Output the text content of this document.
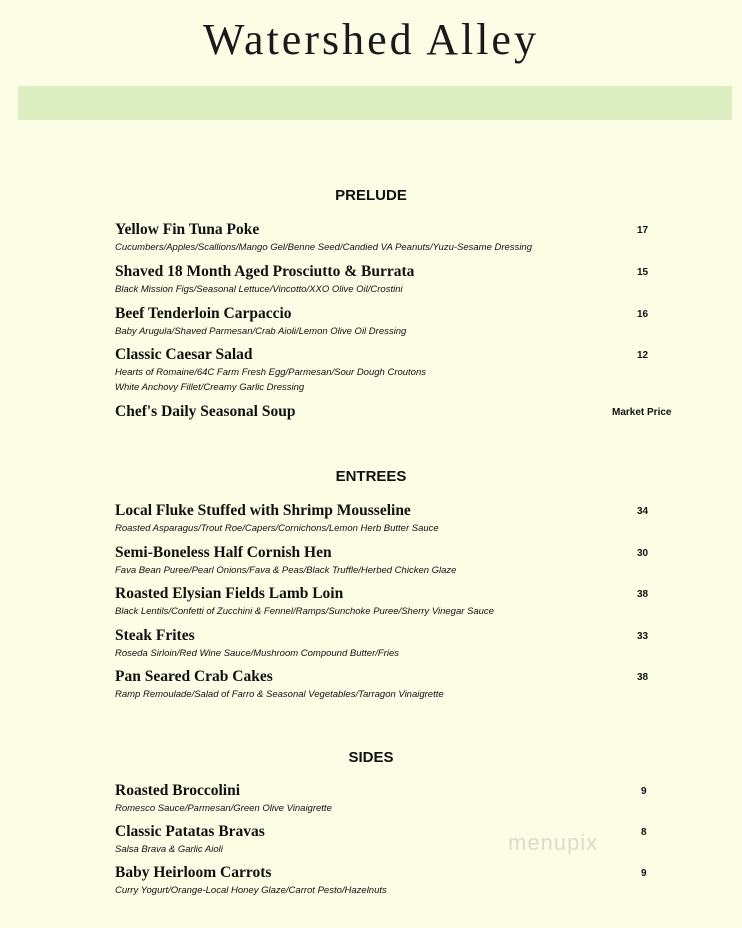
Watershed Alley
PRELUDE
Yellow Fin Tuna Poke
Cucumbers/Apples/Scallions/Mango Gel/Benne Seed/Candied VA Peanuts/Yuzu-Sesame Dressing
17
Shaved 18 Month Aged Prosciutto & Burrata
Black Mission Figs/Seasonal Lettuce/Vincotto/XXO Olive Oil/Crostini
15
Beef Tenderloin Carpaccio
Baby Arugula/Shaved Parmesan/Crab Aioli/Lemon Olive Oil Dressing
16
Classic Caesar Salad
Hearts of Romaine/64C Farm Fresh Egg/Parmesan/Sour Dough Croutons
White Anchovy Fillet/Creamy Garlic Dressing
12
Chef's Daily Seasonal Soup	Market Price
ENTREES
Local Fluke Stuffed with Shrimp Mousseline
Roasted Asparagus/Trout Roe/Capers/Cornichons/Lemon Herb Butter Sauce
34
Semi-Boneless Half Cornish Hen
Fava Bean Puree/Pearl Onions/Fava & Peas/Black Truffle/Herbed Chicken Glaze
30
Roasted Elysian Fields Lamb Loin
Black Lentils/Confetti of Zucchini & Fennel/Ramps/Sunchoke Puree/Sherry Vinegar Sauce
38
Steak Frites
Roseda Sirloin/Red Wine Sauce/Mushroom Compound Butter/Fries
33
Pan Seared Crab Cakes
Ramp Remoulade/Salad of Farro & Seasonal Vegetables/Tarragon Vinaigrette
38
SIDES
Roasted Broccolini
Romesco Sauce/Parmesan/Green Olive Vinaigrette
9
Classic Patatas Bravas
Salsa Brava & Garlic Aioli
8
Baby Heirloom Carrots
Curry Yogurt/Orange-Local Honey Glaze/Carrot Pesto/Hazelnuts
9
menupix
